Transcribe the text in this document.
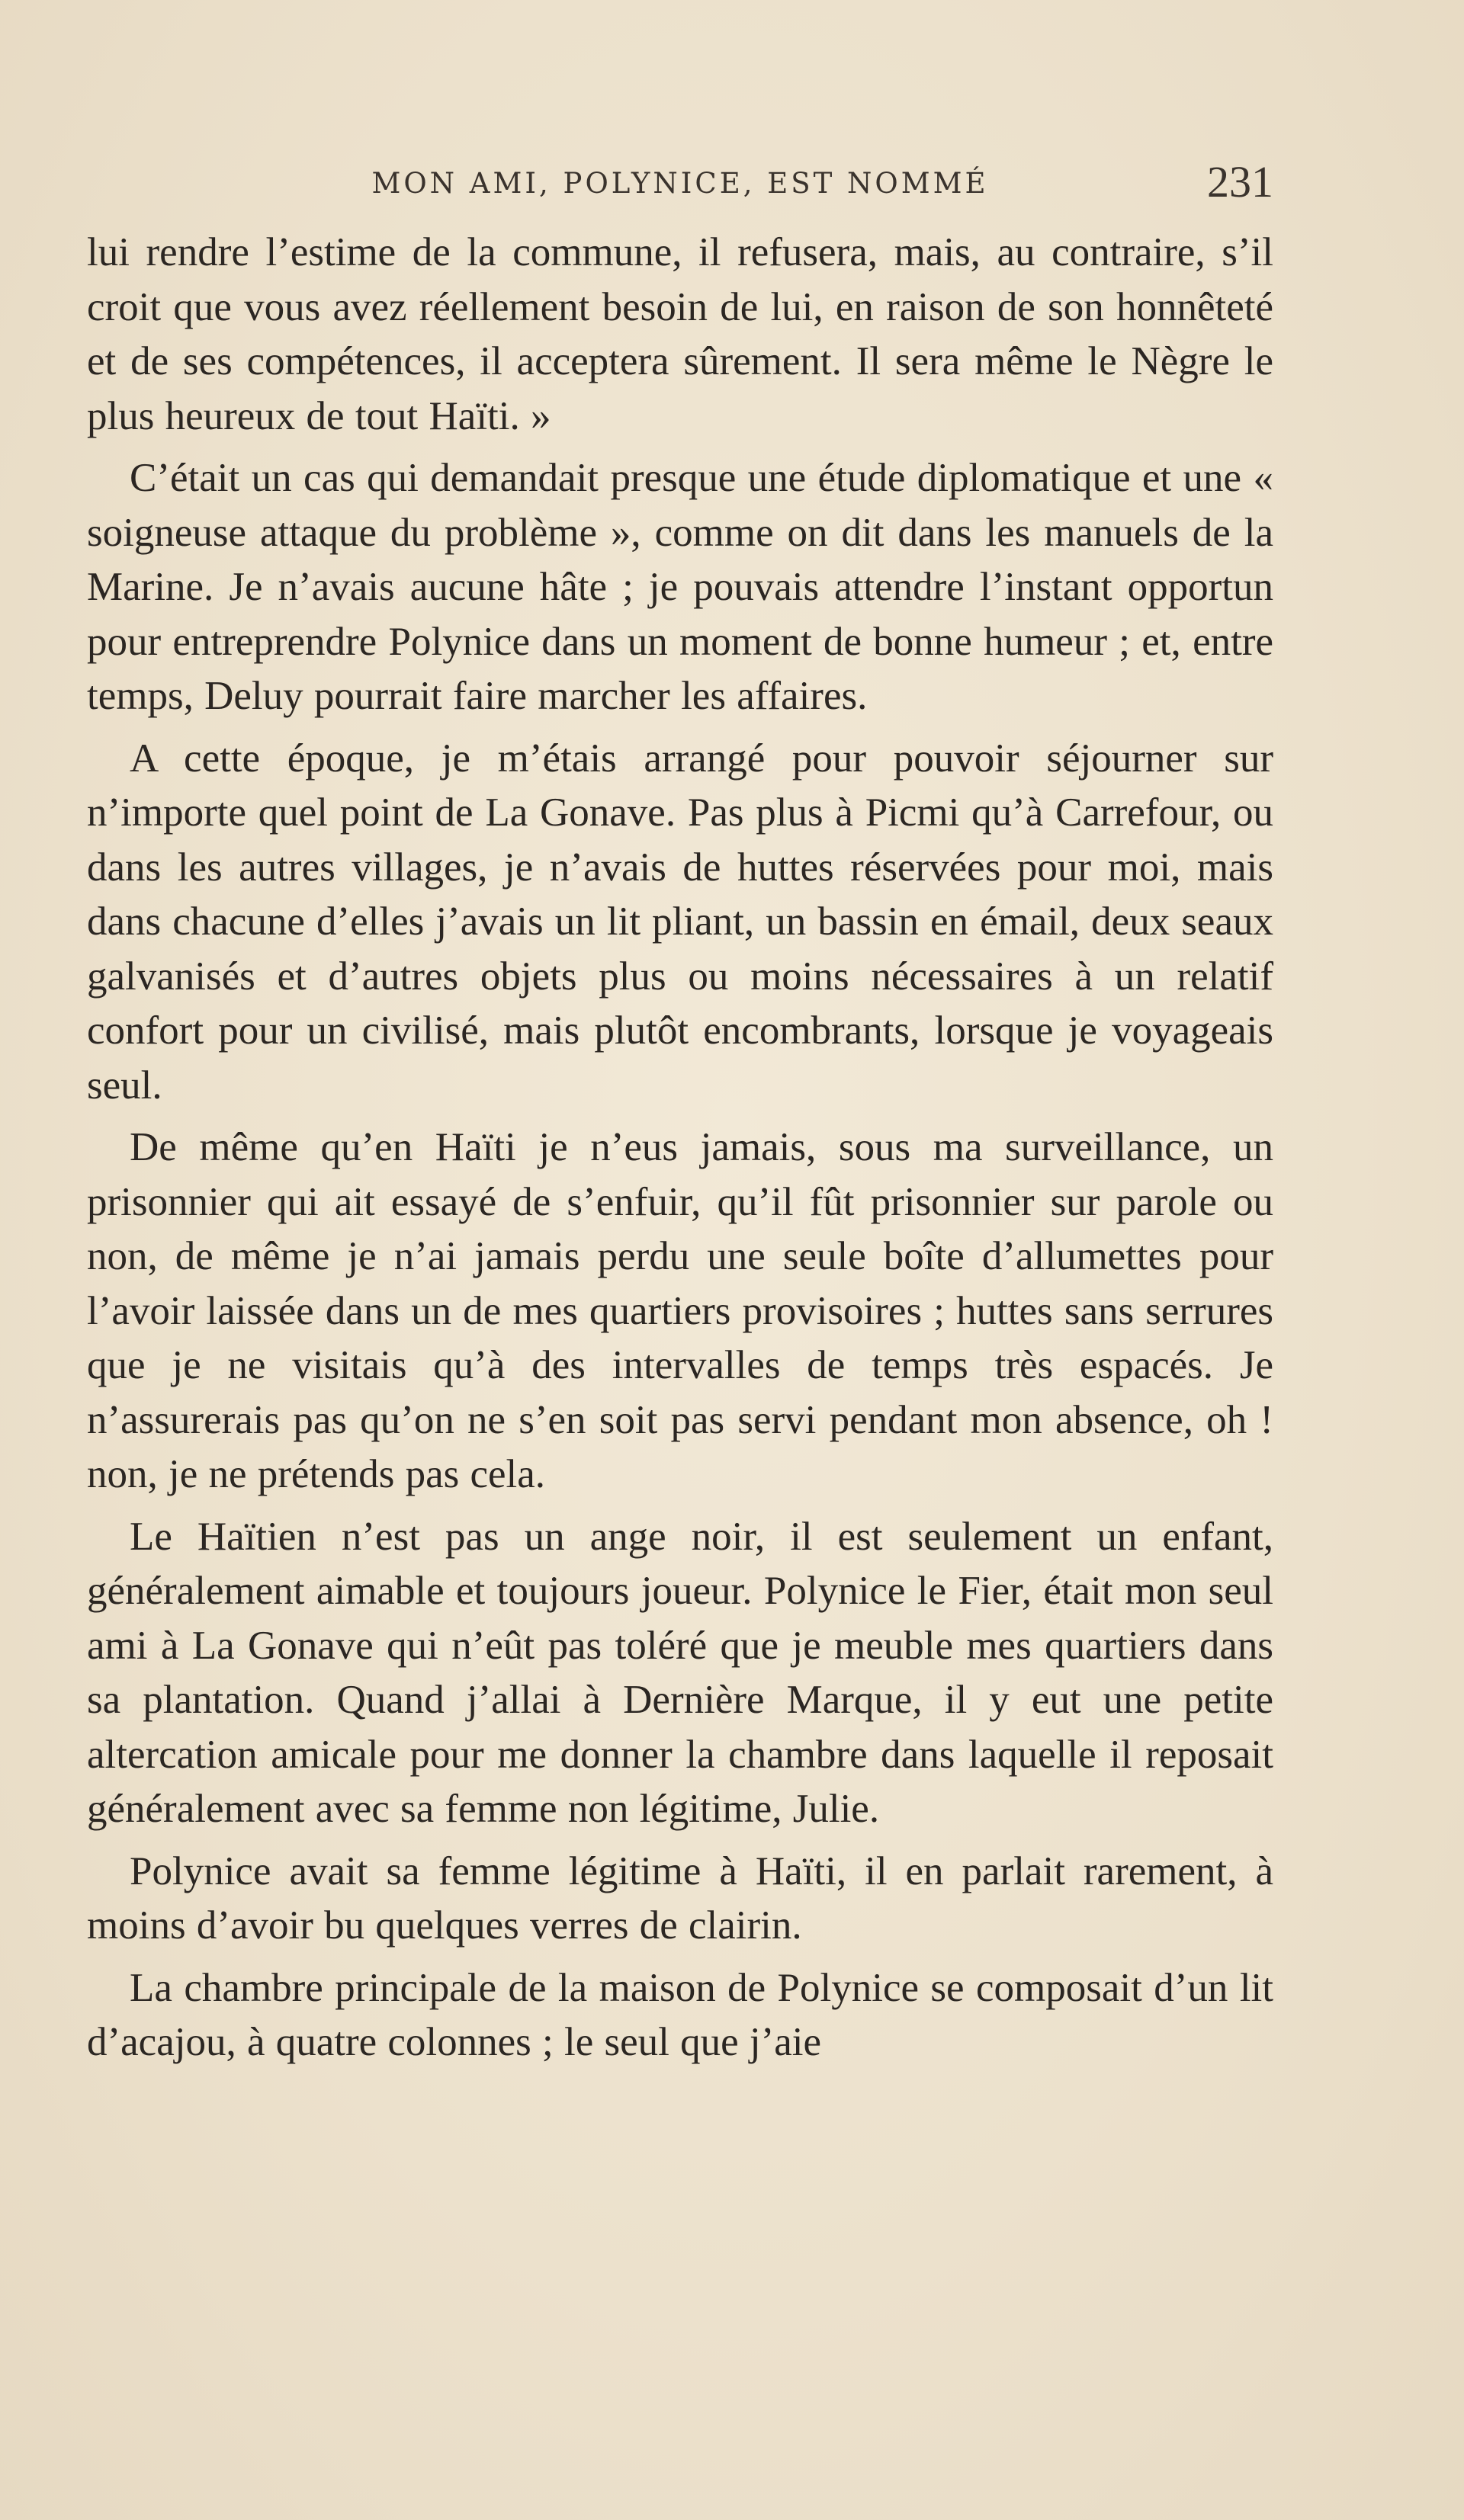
MON AMI, POLYNICE, EST NOMMÉ	231

lui rendre l’estime de la commune, il refusera, mais, au contraire, s’il croit que vous avez réellement besoin de lui, en raison de son honnêteté et de ses compétences, il acceptera sûrement. Il sera même le Nègre le plus heureux de tout Haïti. »

C’était un cas qui demandait presque une étude diplomatique et une « soigneuse attaque du problème », comme on dit dans les manuels de la Marine. Je n’avais aucune hâte ; je pouvais attendre l’instant opportun pour entreprendre Polynice dans un moment de bonne humeur ; et, entre temps, Deluy pourrait faire marcher les affaires.

A cette époque, je m’étais arrangé pour pouvoir séjourner sur n’importe quel point de La Gonave. Pas plus à Picmi qu’à Carrefour, ou dans les autres villages, je n’avais de huttes réservées pour moi, mais dans chacune d’elles j’avais un lit pliant, un bassin en émail, deux seaux galvanisés et d’autres objets plus ou moins nécessaires à un relatif confort pour un civilisé, mais plutôt encombrants, lorsque je voyageais seul.

De même qu’en Haïti je n’eus jamais, sous ma surveillance, un prisonnier qui ait essayé de s’enfuir, qu’il fût prisonnier sur parole ou non, de même je n’ai jamais perdu une seule boîte d’allumettes pour l’avoir laissée dans un de mes quartiers provisoires ; huttes sans serrures que je ne visitais qu’à des intervalles de temps très espacés. Je n’assurerais pas qu’on ne s’en soit pas servi pendant mon absence, oh ! non, je ne prétends pas cela.

Le Haïtien n’est pas un ange noir, il est seulement un enfant, généralement aimable et toujours joueur. Polynice le Fier, était mon seul ami à La Gonave qui n’eût pas toléré que je meuble mes quartiers dans sa plantation. Quand j’allai à Dernière Marque, il y eut une petite altercation amicale pour me donner la chambre dans laquelle il reposait généralement avec sa femme non légitime, Julie.

Polynice avait sa femme légitime à Haïti, il en parlait rarement, à moins d’avoir bu quelques verres de clairin.

La chambre principale de la maison de Polynice se composait d’un lit d’acajou, à quatre colonnes ; le seul que j’aie
